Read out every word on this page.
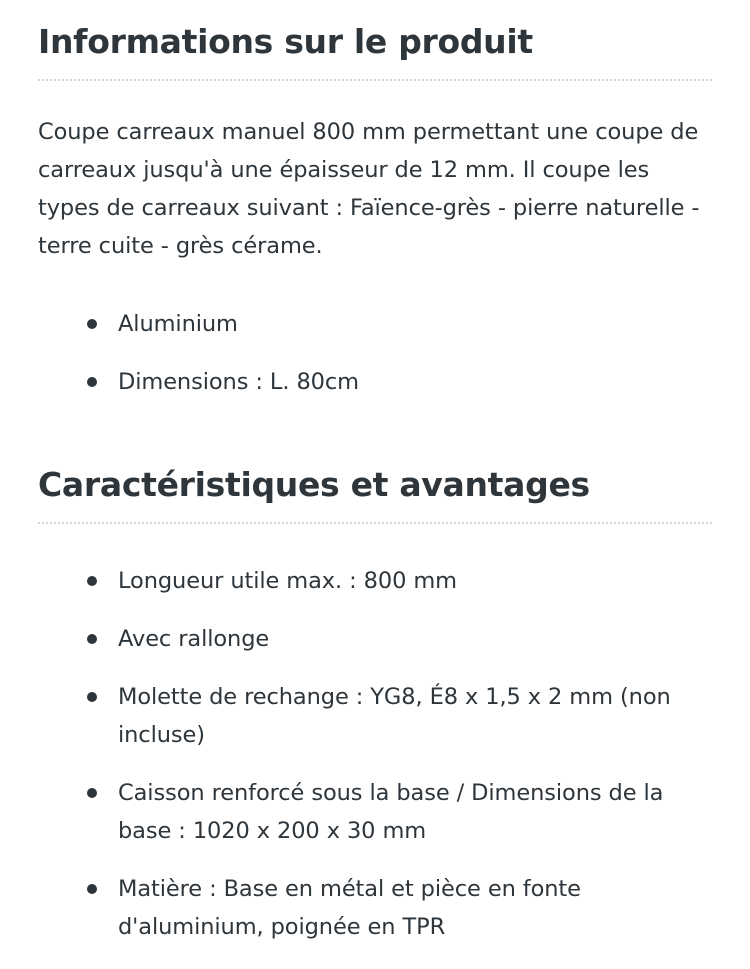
Informations sur le produit

Coupe carreaux manuel 800 mm permettant une coupe de carreaux jusqu'à une épaisseur de 12 mm. Il coupe les types de carreaux suivant : Faïence-grès - pierre naturelle - terre cuite - grès cérame.

Aluminium
Dimensions : L. 80cm
Caractéristiques et avantages
Longueur utile max. : 800 mm
Avec rallonge
Molette de rechange : YG8, É8 x 1,5 x 2 mm (non incluse)
Caisson renforcé sous la base / Dimensions de la base : 1020 x 200 x 30 mm
Matière : Base en métal et pièce en fonte d'aluminium, poignée en TPR
